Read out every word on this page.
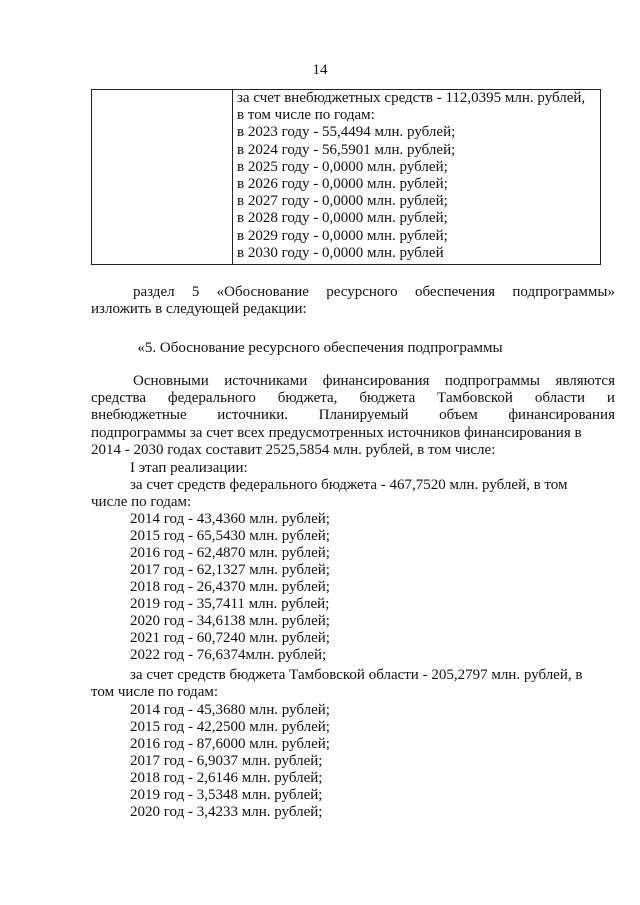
14
за счет внебюджетных средств - 112,0395 млн. рублей,
в том числе по годам:
в 2023 году - 55,4494 млн. рублей;
в 2024 году - 56,5901 млн. рублей;
в 2025 году - 0,0000 млн. рублей;
в 2026 году - 0,0000 млн. рублей;
в 2027 году - 0,0000 млн. рублей;
в 2028 году - 0,0000 млн. рублей;
в 2029 году - 0,0000 млн. рублей;
в 2030 году - 0,0000 млн. рублей
раздел 5 «Обоснование ресурсного обеспечения подпрограммы»
изложить в следующей редакции:
«5. Обоснование ресурсного обеспечения подпрограммы
Основными источниками финансирования подпрограммы являются
средства федерального бюджета, бюджета Тамбовской области и
внебюджетные источники. Планируемый объем финансирования
подпрограммы за счет всех предусмотренных источников финансирования в
2014 - 2030 годах составит 2525,5854 млн. рублей, в том числе:
I этап реализации:
за счет средств федерального бюджета - 467,7520 млн. рублей, в том
числе по годам:
2014 год - 43,4360 млн. рублей;
2015 год - 65,5430 млн. рублей;
2016 год - 62,4870 млн. рублей;
2017 год - 62,1327 млн. рублей;
2018 год - 26,4370 млн. рублей;
2019 год - 35,7411 млн. рублей;
2020 год - 34,6138 млн. рублей;
2021 год - 60,7240 млн. рублей;
2022 год - 76,6374млн. рублей;
за счет средств бюджета Тамбовской области - 205,2797 млн. рублей, в
том числе по годам:
2014 год - 45,3680 млн. рублей;
2015 год - 42,2500 млн. рублей;
2016 год - 87,6000 млн. рублей;
2017 год - 6,9037 млн. рублей;
2018 год - 2,6146 млн. рублей;
2019 год - 3,5348 млн. рублей;
2020 год - 3,4233 млн. рублей;
